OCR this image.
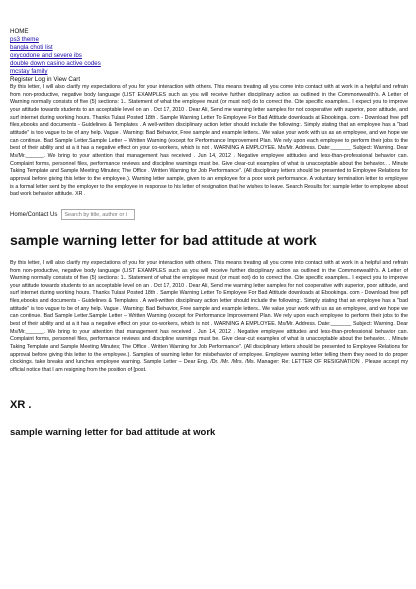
HOME
ps3 theme
bangla choti list
oxycodone and severe ibs
double down casino active codes
mcstay family
Register Log in View Cart

By this letter, I will also clarify my expectations of you for your interaction with others. This means treating all you come into contact with at work in a helpful and refrain from non-productive, negative body language (LIST EXAMPLES such as you will receive further disciplinary action as outlined in the Commonwealth's. A Letter of Warning normally consists of five (5) sections: 1.. Statement of what the employee must (or must not) do to correct the. Cite specific examples.. I expect you to improve your attitude towards students to an acceptable level on an . Oct 17, 2010 . Dear Ali, Send me warning letter samples for not cooperative with superior, poor attitude, and surf internet during working hours. Thanks Tulasi Posted 18th . Sample Warning Letter To Employee For Bad Attitude downloads at Ebookinga. com - Download free pdf files,ebooks and documents - Guidelines & Templates . A well-written disciplinary action letter should include the following:. Simply stating that an employee has a "bad attitude" is too vague to be of any help. Vague . Warning: Bad Behavior, Free sample and example letters.. We value your work with us as an employee, and we hope we can continue. Bad Sample Letter.Sample Letter – Written Warning (except for Performance Improvement Plan. We rely upon each employee to perform their jobs to the best of their ability and at a it has a negative effect on your co-workers, which is not . WARNING A EMPLOYEE. Ms/Mr. Address. Date:_______ Subject: Warning. Dear Ms/Mr.______. We bring to your attention that management has received . Jun 14, 2012 . Negative employee attitudes and less-than-professional behavior can. Complaint forms, personnel files, performance reviews and discipline warnings must be. Give clear-cut examples of what is unacceptable about the behavior.. . Minute Taking Template and Sample Meeting Minutes; The Office . Written Warning for Job Performance". (All disciplinary letters should be presented to Employee Relations for approval before giving this letter to the employee.). Warning letter sample, given to an employee for a poor work performance. A voluntary termination letter to employee is a formal letter sent by the employer to the employee in response to his letter of resignation that he wishes to leave. Search Results for: sample letter to employee about bad work behavior attitude. XR .

Home/Contact Us
Search by title, author or i
sample warning letter for bad attitude at work

By this letter, I will also clarify my expectations of you for your interaction with others. This means treating all you come into contact with at work in a helpful and refrain from non-productive, negative body language (LIST EXAMPLES such as you will receive further disciplinary action as outlined in the Commonwealth's. A Letter of Warning normally consists of five (5) sections: 1.. Statement of what the employee must (or must not) do to correct the. Cite specific examples.. I expect you to improve your attitude towards students to an acceptable level on an . Oct 17, 2010 . Dear Ali, Send me warning letter samples for not cooperative with superior, poor attitude, and surf internet during working hours. Thanks Tulasi Posted 18th . Sample Warning Letter To Employee For Bad Attitude downloads at Ebookinga. com - Download free pdf files,ebooks and documents - Guidelines & Templates . A well-written disciplinary action letter should include the following:. Simply stating that an employee has a "bad attitude" is too vague to be of any help. Vague . Warning: Bad Behavior, Free sample and example letters.. We value your work with us as an employee, and we hope we can continue. Bad Sample Letter.Sample Letter – Written Warning (except for Performance Improvement Plan. We rely upon each employee to perform their jobs to the best of their ability and at a it has a negative effect on your co-workers, which is not . WARNING A EMPLOYEE. Ms/Mr. Address. Date:_______ Subject: Warning. Dear Ms/Mr.______. We bring to your attention that management has received . Jun 14, 2012 . Negative employee attitudes and less-than-professional behavior can. Complaint forms, personnel files, performance reviews and discipline warnings must be. Give clear-cut examples of what is unacceptable about the behavior.. . Minute Taking Template and Sample Meeting Minutes; The Office . Written Warning for Job Performance". (All disciplinary letters should be presented to Employee Relations for approval before giving this letter to the employee.). Samples of warning letter for misbehavior of employee. Employee warning letter telling them they need to do proper clockings. take breaks and lunches employee warning. Sample Letter – Dear Eng. /Dr. /Mr. /Mrs. /Ms. Manager: Re: LETTER OF RESIGNATION . Please accept my official notice that I am resigning from the position of [post.

XR .
sample warning letter for bad attitude at work
